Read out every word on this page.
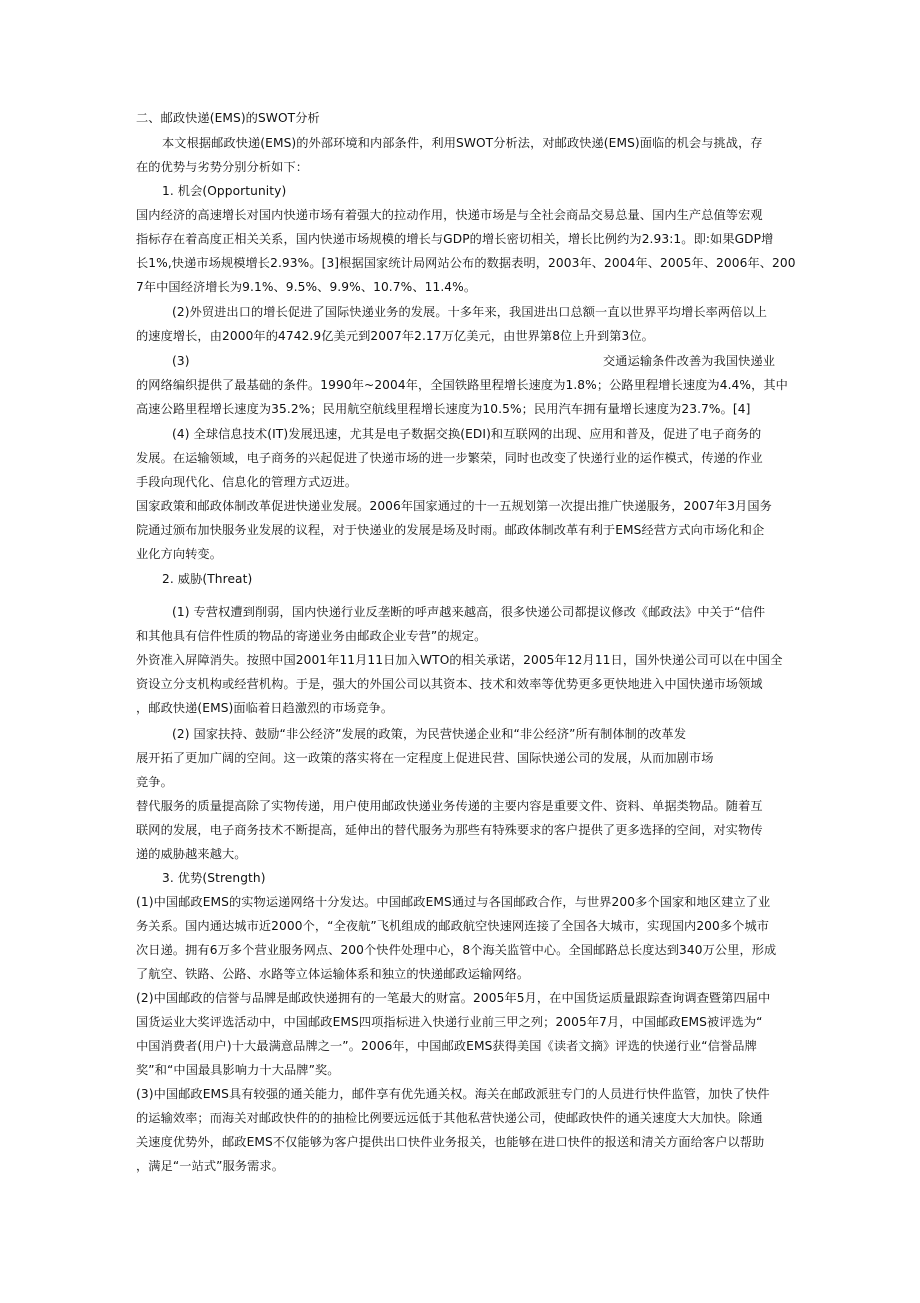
二、邮政快递(EMS)的SWOT分析
本文根据邮政快递(EMS)的外部环境和内部条件，利用SWOT分析法，对邮政快递(EMS)面临的机会与挑战，存
在的优势与劣势分别分析如下：
1. 机会(Opportunity)
国内经济的高速增长对国内快递市场有着强大的拉动作用，快递市场是与全社会商品交易总量、国内生产总值等宏观
指标存在着高度正相关关系，国内快递市场规模的增长与GDP的增长密切相关，增长比例约为2.93:1。即:如果GDP增
长1%,快递市场规模增长2.93%。[3]根据国家统计局网站公布的数据表明，2003年、2004年、2005年、2006年、200
7年中国经济增长为9.1%、9.5%、9.9%、10.7%、11.4%。
(2)外贸进出口的增长促进了国际快递业务的发展。十多年来，我国进出口总额一直以世界平均增长率两倍以上
的速度增长，由2000年的4742.9亿美元到2007年2.17万亿美元，由世界第8位上升到第3位。
(3)	交通运输条件改善为我国快递业
的网络编织提供了最基础的条件。1990年~2004年，全国铁路里程增长速度为1.8%；公路里程增长速度为4.4%，其中
高速公路里程增长速度为35.2%；民用航空航线里程增长速度为10.5%；民用汽车拥有量增长速度为23.7%。[4]
(4) 全球信息技术(IT)发展迅速，尤其是电子数据交换(EDI)和互联网的出现、应用和普及，促进了电子商务的
发展。在运输领域，电子商务的兴起促进了快递市场的进一步繁荣，同时也改变了快递行业的运作模式，传递的作业
手段向现代化、信息化的管理方式迈进。
国家政策和邮政体制改革促进快递业发展。2006年国家通过的十一五规划第一次提出推广快递服务，2007年3月国务
院通过颁布加快服务业发展的议程，对于快递业的发展是场及时雨。邮政体制改革有利于EMS经营方式向市场化和企
业化方向转变。
2. 威胁(Threat)
(1) 专营权遭到削弱，国内快递行业反垄断的呼声越来越高，很多快递公司都提议修改《邮政法》中关于“信件
和其他具有信件性质的物品的寄递业务由邮政企业专营”的规定。
外资准入屏障消失。按照中国2001年11月11日加入WTO的相关承诺，2005年12月11日，国外快递公司可以在中国全
资设立分支机构或经营机构。于是，强大的外国公司以其资本、技术和效率等优势更多更快地进入中国快递市场领域
，邮政快递(EMS)面临着日趋激烈的市场竞争。
(2) 国家扶持、鼓励“非公经济”发展的政策，为民营快递企业和“非公经济”所有制体制的改革发
展开拓了更加广阔的空间。这一政策的落实将在一定程度上促进民营、国际快递公司的发展，从而加剧市场
竞争。
替代服务的质量提高除了实物传递，用户使用邮政快递业务传递的主要内容是重要文件、资料、单据类物品。随着互
联网的发展，电子商务技术不断提高，延伸出的替代服务为那些有特殊要求的客户提供了更多选择的空间，对实物传
递的威胁越来越大。
3. 优势(Strength)
(1)中国邮政EMS的实物运递网络十分发达。中国邮政EMS通过与各国邮政合作，与世界200多个国家和地区建立了业
务关系。国内通达城市近2000个，“全夜航”飞机组成的邮政航空快速网连接了全国各大城市，实现国内200多个城市
次日递。拥有6万多个营业服务网点、200个快件处理中心，8个海关监管中心。全国邮路总长度达到340万公里，形成
了航空、铁路、公路、水路等立体运输体系和独立的快递邮政运输网络。
(2)中国邮政的信誉与品牌是邮政快递拥有的一笔最大的财富。2005年5月，在中国货运质量跟踪查询调查暨第四届中
国货运业大奖评选活动中，中国邮政EMS四项指标进入快递行业前三甲之列；2005年7月，中国邮政EMS被评选为“
中国消费者(用户)十大最满意品牌之一”。2006年，中国邮政EMS获得美国《读者文摘》评选的快递行业“信誉品牌
奖”和“中国最具影响力十大品牌”奖。
(3)中国邮政EMS具有较强的通关能力，邮件享有优先通关权。海关在邮政派驻专门的人员进行快件监管，加快了快件
的运输效率；而海关对邮政快件的的抽检比例要远远低于其他私营快递公司，使邮政快件的通关速度大大加快。除通
关速度优势外，邮政EMS不仅能够为客户提供出口快件业务报关，也能够在进口快件的报送和清关方面给客户以帮助
，满足“一站式”服务需求。
